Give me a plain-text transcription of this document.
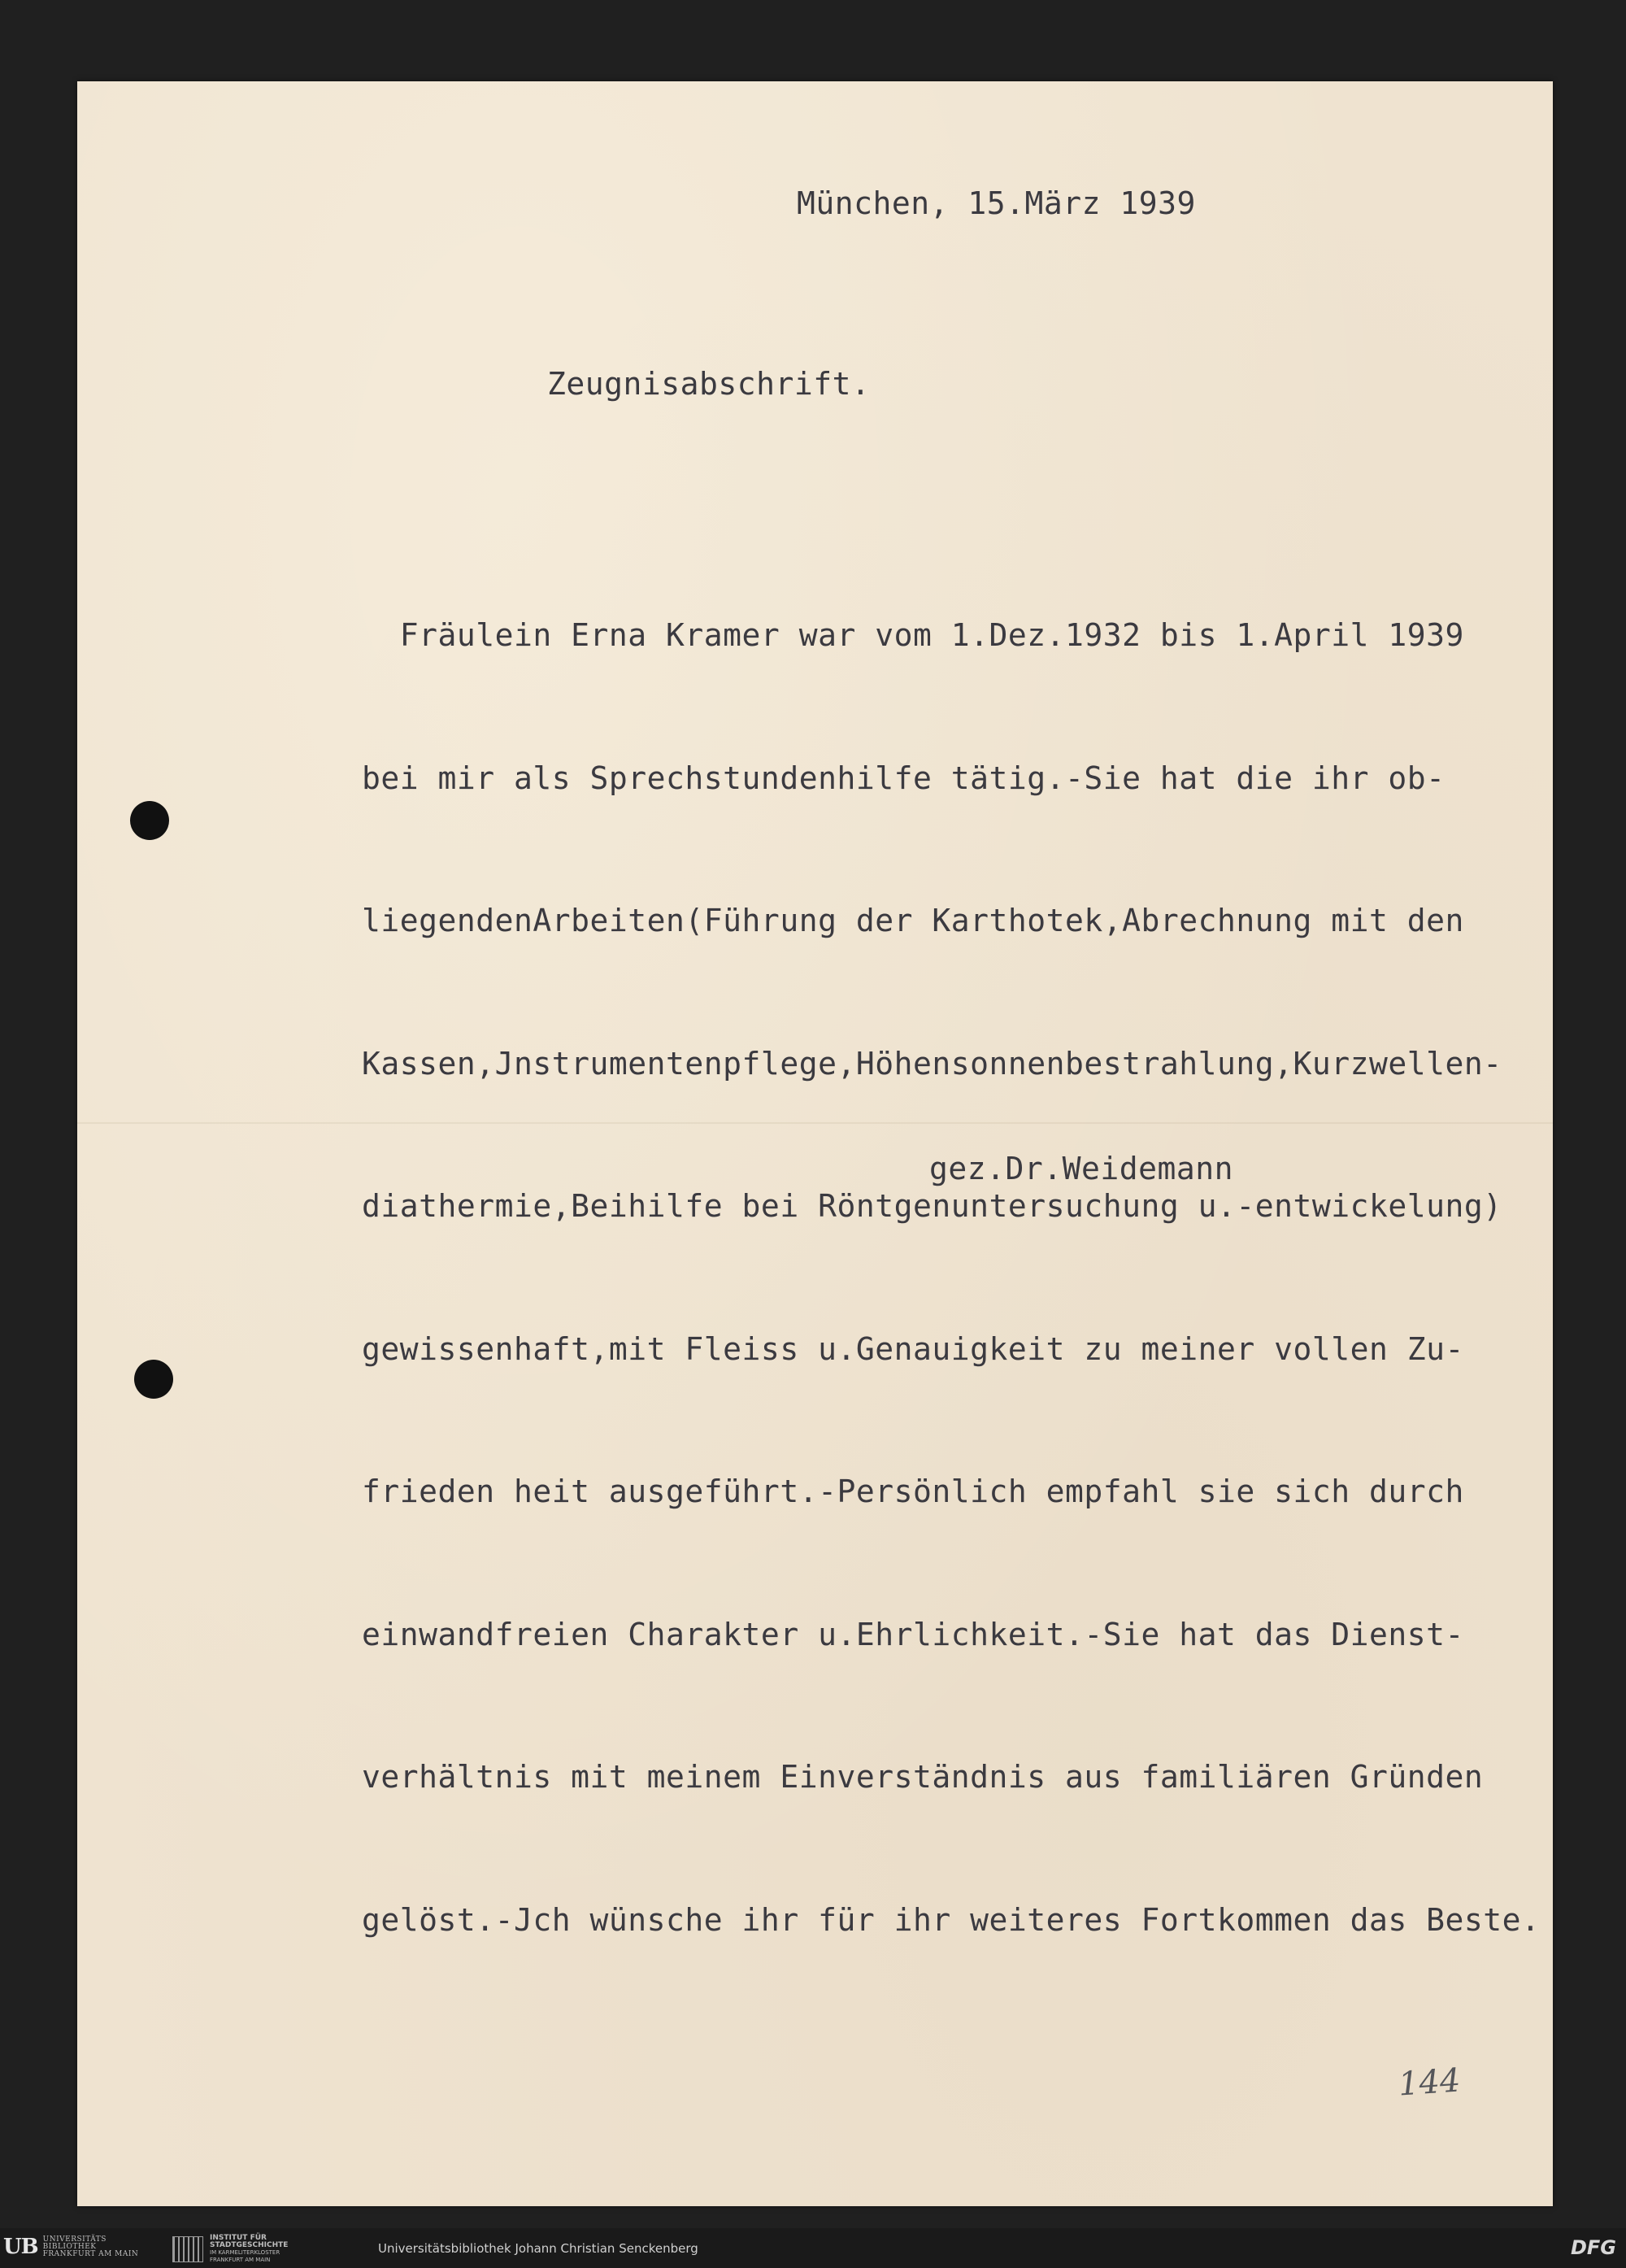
München, 15.März 1939
Zeugnisabschrift.

Fräulein Erna Kramer war vom 1.Dez.1932 bis 1.April 1939

bei mir als Sprechstundenhilfe tätig.-Sie hat die ihr ob-

liegendenArbeiten(Führung der Karthotek,Abrechnung mit den

Kassen,Jnstrumentenpflege,Höhensonnenbestrahlung,Kurzwellen-

diathermie,Beihilfe bei Röntgenuntersuchung u.-entwickelung)

gewissenhaft,mit Fleiss u.Genauigkeit zu meiner vollen Zu-

frieden heit ausgeführt.-Persönlich empfahl sie sich durch

einwandfreien Charakter u.Ehrlichkeit.-Sie hat das Dienst-

verhältnis mit meinem Einverständnis aus familiären Gründen

gelöst.-Jch wünsche ihr für ihr weiteres Fortkommen das Beste.

gez.Dr.Weidemann
144
UB UNIVERSITÄTS
BIBLIOTHEK
FRANKFURT AM MAIN
INSTITUT FÜR
STADTGESCHICHTE
IM KARMELITERKLOSTER
FRANKFURT AM MAIN
Universitätsbibliothek Johann Christian Senckenberg	DFG
